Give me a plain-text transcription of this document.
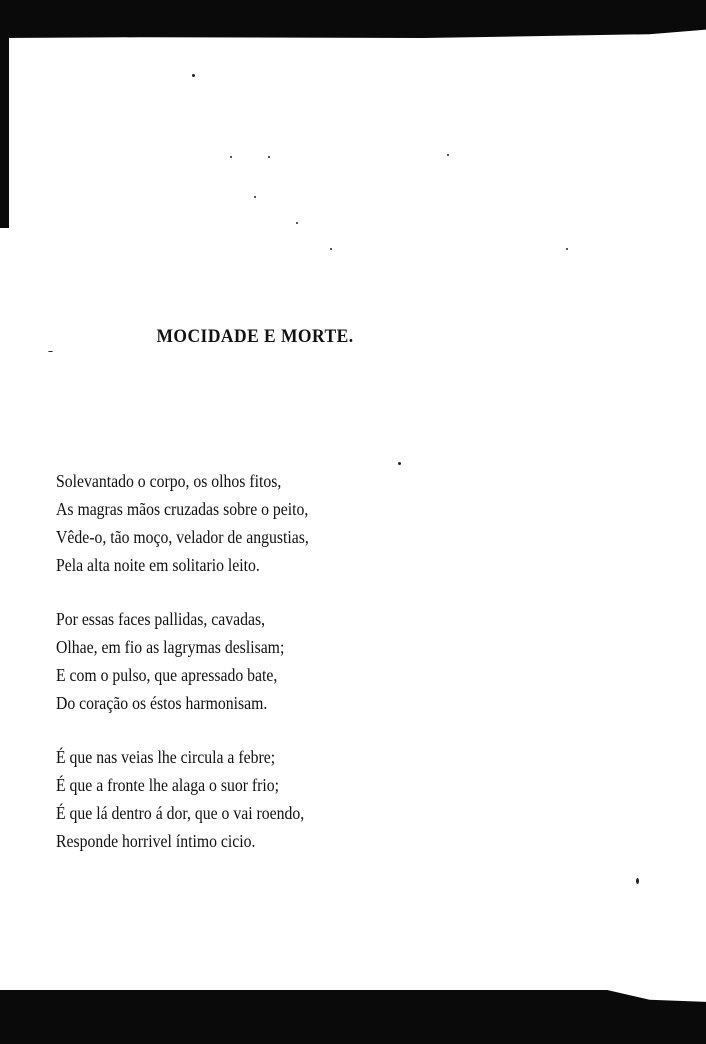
MOCIDADE E MORTE.
Solevantado o corpo, os olhos fitos,
As magras mãos cruzadas sobre o peito,
Vêde-o, tão moço, velador de angustias,
Pela alta noite em solitario leito.
Por essas faces pallidas, cavadas,
Olhae, em fio as lagrymas deslisam;
E com o pulso, que apressado bate,
Do coração os éstos harmonisam.
É que nas veias lhe circula a febre;
É que a fronte lhe alaga o suor frio;
É que lá dentro á dor, que o vai roendo,
Responde horrivel íntimo cicio.
